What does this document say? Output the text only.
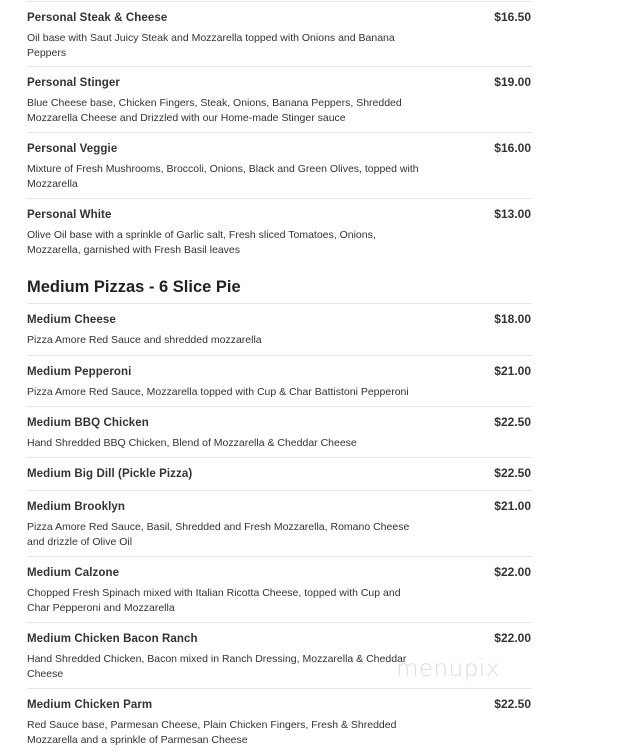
Personal Steak & Cheese	$16.50
Oil base with Saut Juicy Steak and Mozzarella topped with Onions and Banana Peppers
Personal Stinger	$19.00
Blue Cheese base, Chicken Fingers, Steak, Onions, Banana Peppers, Shredded Mozzarella Cheese and Drizzled with our Home-made Stinger sauce
Personal Veggie	$16.00
Mixture of Fresh Mushrooms, Broccoli, Onions, Black and Green Olives, topped with Mozzarella
Personal White	$13.00
Olive Oil base with a sprinkle of Garlic salt, Fresh sliced Tomatoes, Onions, Mozzarella, garnished with Fresh Basil leaves
Medium Pizzas - 6 Slice Pie
Medium Cheese	$18.00
Pizza Amore Red Sauce and shredded mozzarella
Medium Pepperoni	$21.00
Pizza Amore Red Sauce, Mozzarella topped with Cup & Char Battistoni Pepperoni
Medium BBQ Chicken	$22.50
Hand Shredded BBQ Chicken, Blend of Mozzarella & Cheddar Cheese
Medium Big Dill (Pickle Pizza)	$22.50
Medium Brooklyn	$21.00
Pizza Amore Red Sauce, Basil, Shredded and Fresh Mozzarella, Romano Cheese and drizzle of Olive Oil
Medium Calzone	$22.00
Chopped Fresh Spinach mixed with Italian Ricotta Cheese, topped with Cup and Char Pepperoni and Mozzarella
Medium Chicken Bacon Ranch	$22.00
Hand Shredded Chicken, Bacon mixed in Ranch Dressing, Mozzarella & Cheddar Cheese
Medium Chicken Parm	$22.50
Red Sauce base, Parmesan Cheese, Plain Chicken Fingers, Fresh & Shredded Mozzarella and a sprinkle of Parmesan Cheese
menupix
